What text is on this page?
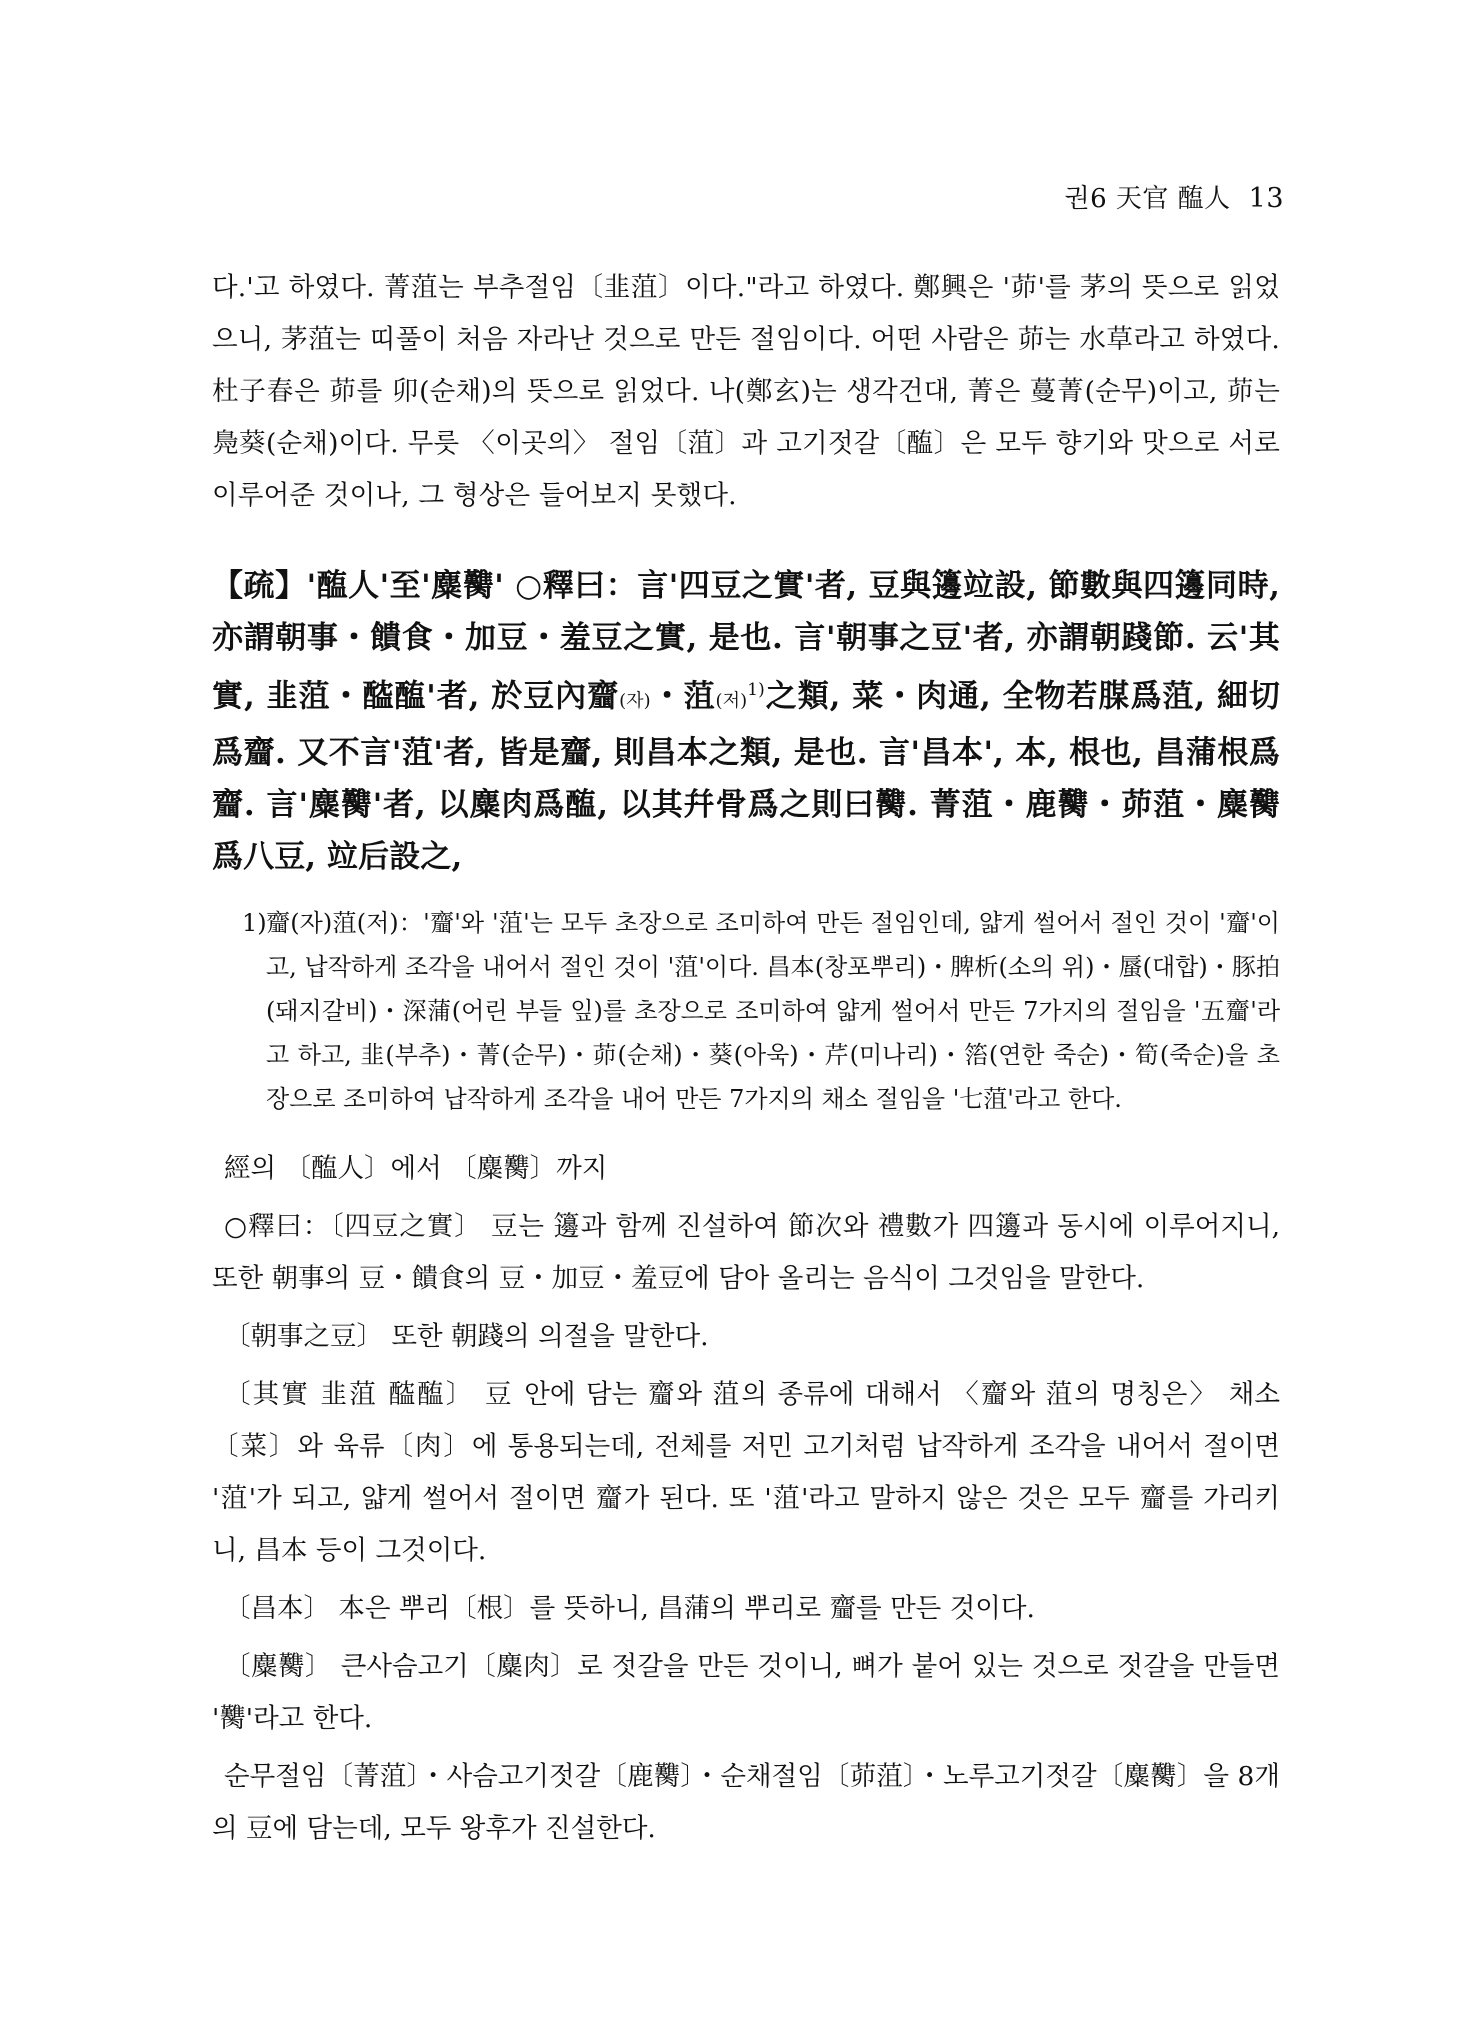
권6 天官 醢人 13

다.'고 하였다. 菁菹는 부추절임〔韭菹〕이다."라고 하였다. 鄭興은 '茆'를 茅의 뜻으로 읽었으니, 茅菹는 띠풀이 처음 자라난 것으로 만든 절임이다. 어떤 사람은 茆는 水草라고 하였다. 杜子春은 茆를 卯(순채)의 뜻으로 읽었다. 나(鄭玄)는 생각건대, 菁은 蔓菁(순무)이고, 茆는 鳧葵(순채)이다. 무릇 〈이곳의〉 절임〔菹〕과 고기젓갈〔醢〕은 모두 향기와 맛으로 서로 이루어준 것이나, 그 형상은 들어보지 못했다.

【疏】'醢人'至'麋臡' ○釋曰：言'四豆之實'者, 豆與籩竝設, 節數與四籩同時, 亦謂朝事・饋食・加豆・羞豆之實, 是也. 言'朝事之豆'者, 亦謂朝踐節. 云'其實, 韭菹・醓醢'者, 於豆內齏(자)・菹(저)$^{1)}$之類, 菜・肉通, 全物若腜爲菹, 細切爲齏. 又不言'菹'者, 皆是齏, 則昌本之類, 是也. 言'昌本', 本, 根也, 昌蒲根爲齏. 言'麋臡'者, 以麋肉爲醢, 以其幷骨爲之則曰臡. 菁菹・鹿臡・茆菹・麋臡爲八豆, 竝后設之,

1) 齏(자)菹(저)：'齏'와 '菹'는 모두 초장으로 조미하여 만든 절임인데, 얇게 썰어서 절인 것이 '齏'이고, 납작하게 조각을 내어서 절인 것이 '菹'이다. 昌本(창포뿌리)・脾析(소의 위)・蜃(대합)・豚拍(돼지갈비)・深蒲(어린 부들 잎)를 초장으로 조미하여 얇게 썰어서 만든 7가지의 절임을 '五齏'라고 하고, 韭(부추)・菁(순무)・茆(순채)・葵(아욱)・芹(미나리)・箈(연한 죽순)・筍(죽순)을 초장으로 조미하여 납작하게 조각을 내어 만든 7가지의 채소 절임을 '七菹'라고 한다.

經의 〔醢人〕에서 〔麋臡〕까지

○釋曰：〔四豆之實〕 豆는 籩과 함께 진설하여 節次와 禮數가 四籩과 동시에 이루어지니, 또한 朝事의 豆・饋食의 豆・加豆・羞豆에 담아 올리는 음식이 그것임을 말한다.

〔朝事之豆〕 또한 朝踐의 의절을 말한다.

〔其實 韭菹 醓醢〕 豆 안에 담는 齏와 菹의 종류에 대해서 〈齏와 菹의 명칭은〉 채소〔菜〕와 육류〔肉〕에 통용되는데, 전체를 저민 고기처럼 납작하게 조각을 내어서 절이면 '菹'가 되고, 얇게 썰어서 절이면 齏가 된다. 또 '菹'라고 말하지 않은 것은 모두 齏를 가리키니, 昌本 등이 그것이다.

〔昌本〕 本은 뿌리〔根〕를 뜻하니, 昌蒲의 뿌리로 齏를 만든 것이다.

〔麋臡〕 큰사슴고기〔麋肉〕로 젓갈을 만든 것이니, 뼈가 붙어 있는 것으로 젓갈을 만들면 '臡'라고 한다.

순무절임〔菁菹〕・사슴고기젓갈〔鹿臡〕・순채절임〔茆菹〕・노루고기젓갈〔麋臡〕을 8개의 豆에 담는데, 모두 왕후가 진설한다.
